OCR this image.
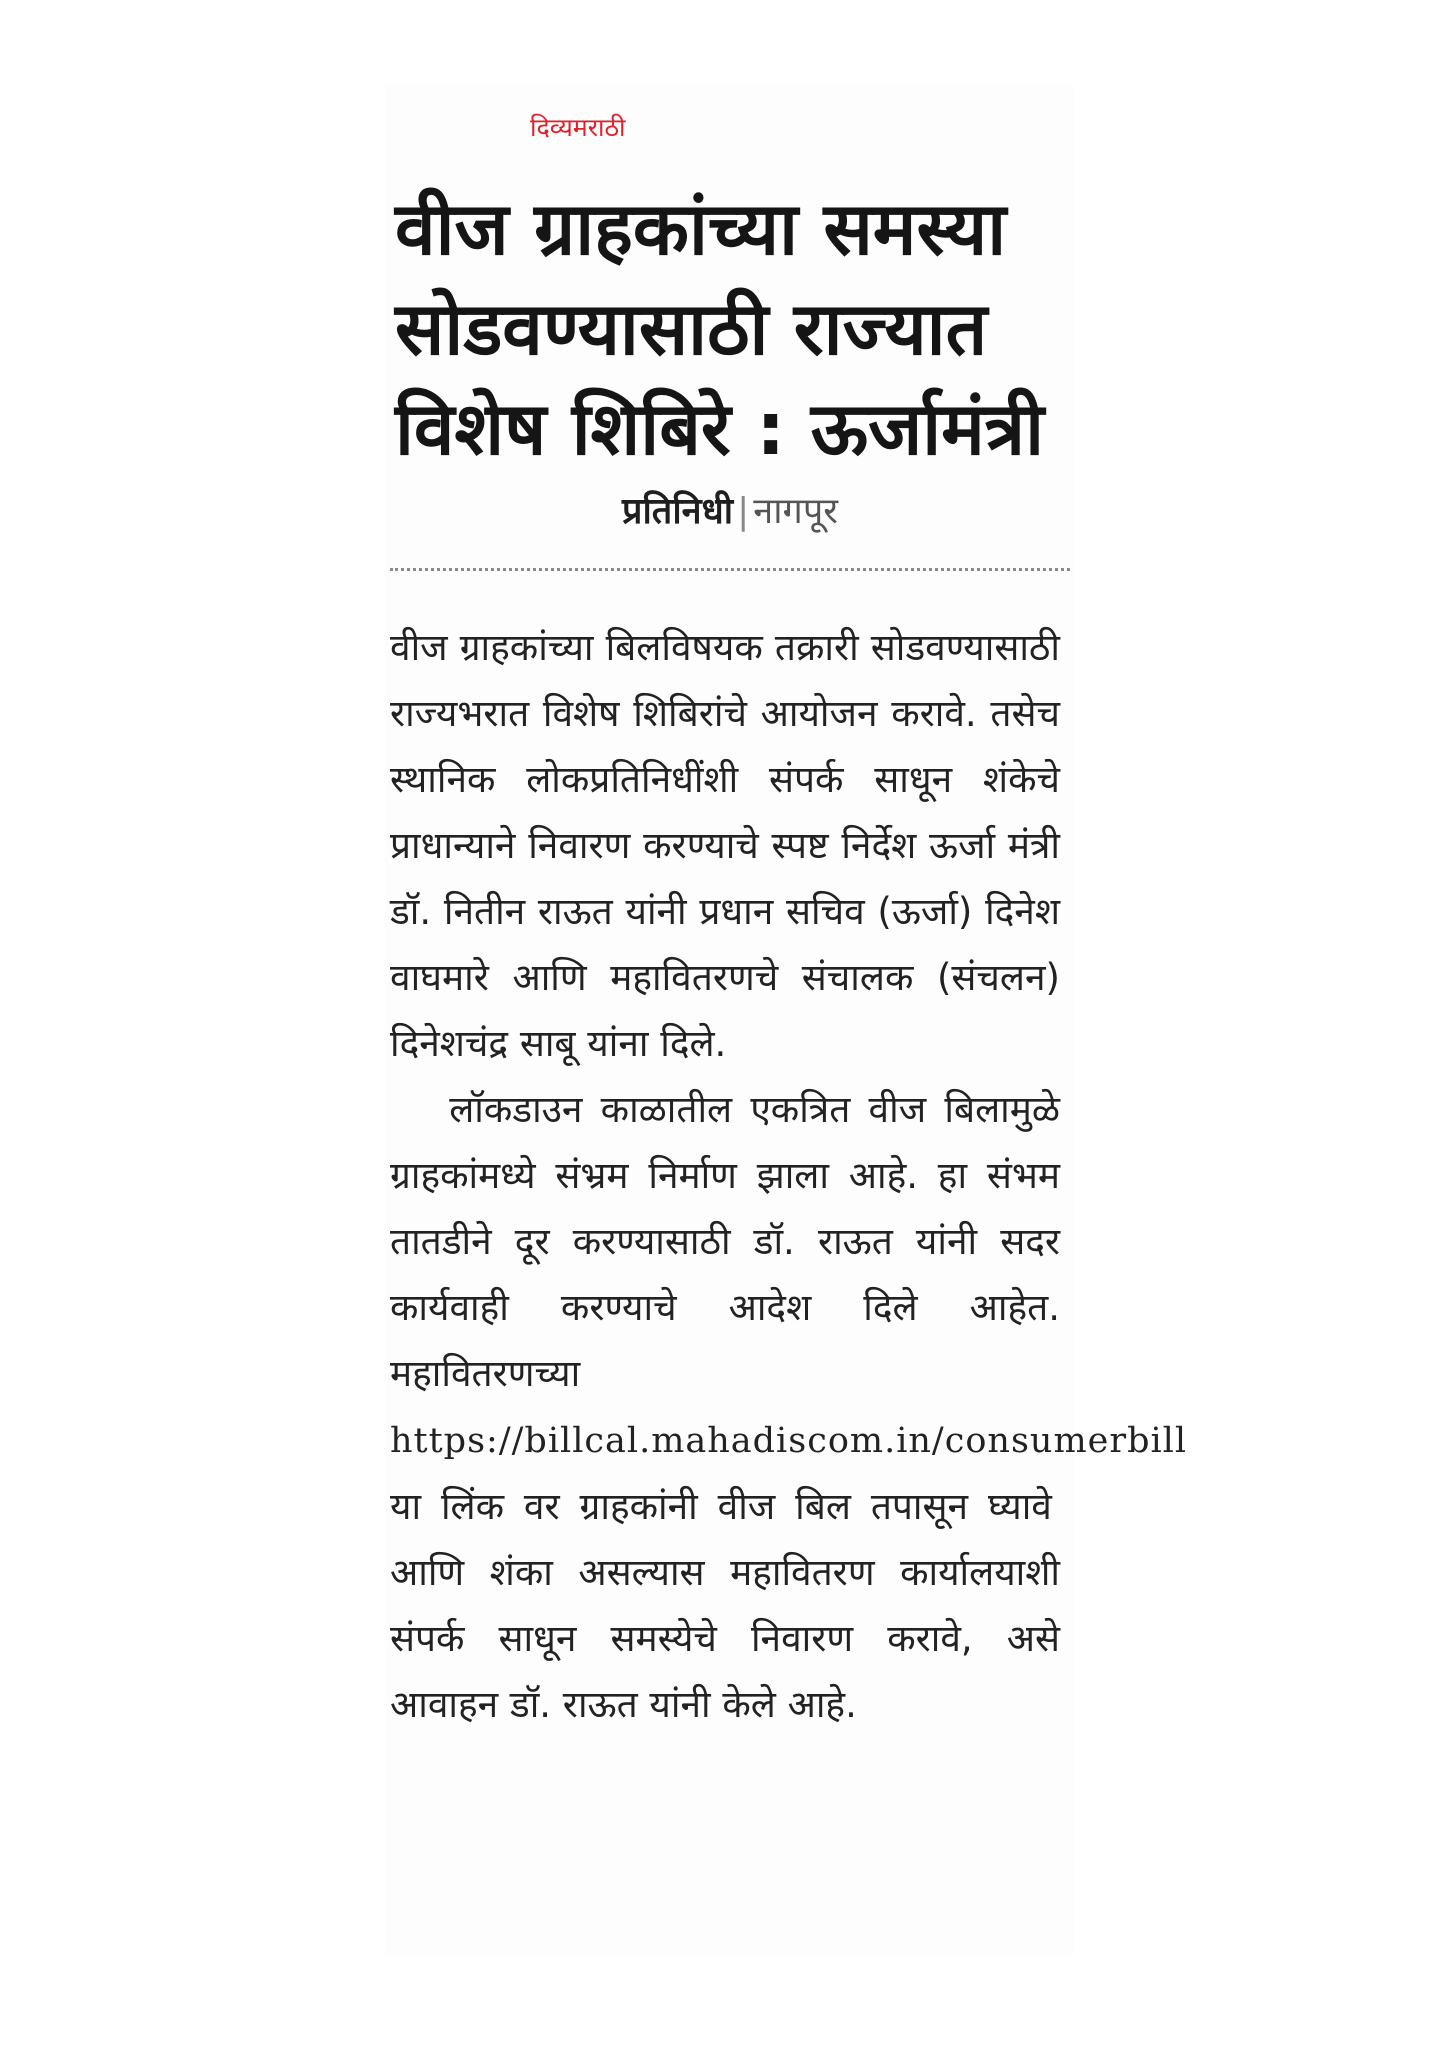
दिव्यमराठी
वीज ग्राहकांच्या समस्या
सोडवण्यासाठी राज्यात
विशेष शिबिरे : ऊर्जामंत्री
प्रतिनिधी | नागपूर

वीज ग्राहकांच्या बिलविषयक तक्रारी सोडवण्यासाठी राज्यभरात विशेष शिबिरांचे आयोजन करावे. तसेच स्थानिक लोकप्रतिनिधींशी संपर्क साधून शंकेचे प्राधान्याने निवारण करण्याचे स्पष्ट निर्देश ऊर्जा मंत्री डॉ. नितीन राऊत यांनी प्रधान सचिव (ऊर्जा) दिनेश वाघमारे आणि महावितरणचे संचालक (संचलन) दिनेशचंद्र साबू यांना दिले.

लॉकडाउन काळातील एकत्रित वीज बिलामुळे ग्राहकांमध्ये संभ्रम निर्माण झाला आहे. हा संभम तातडीने दूर करण्यासाठी डॉ. राऊत यांनी सदर कार्यवाही करण्याचे आदेश दिले आहेत. महावितरणच्या https://billcal.mahadiscom.in/consumerbill या लिंक वर ग्राहकांनी वीज बिल तपासून घ्यावे आणि शंका असल्यास महावितरण कार्यालयाशी संपर्क साधून समस्येचे निवारण करावे, असे आवाहन डॉ. राऊत यांनी केले आहे.
